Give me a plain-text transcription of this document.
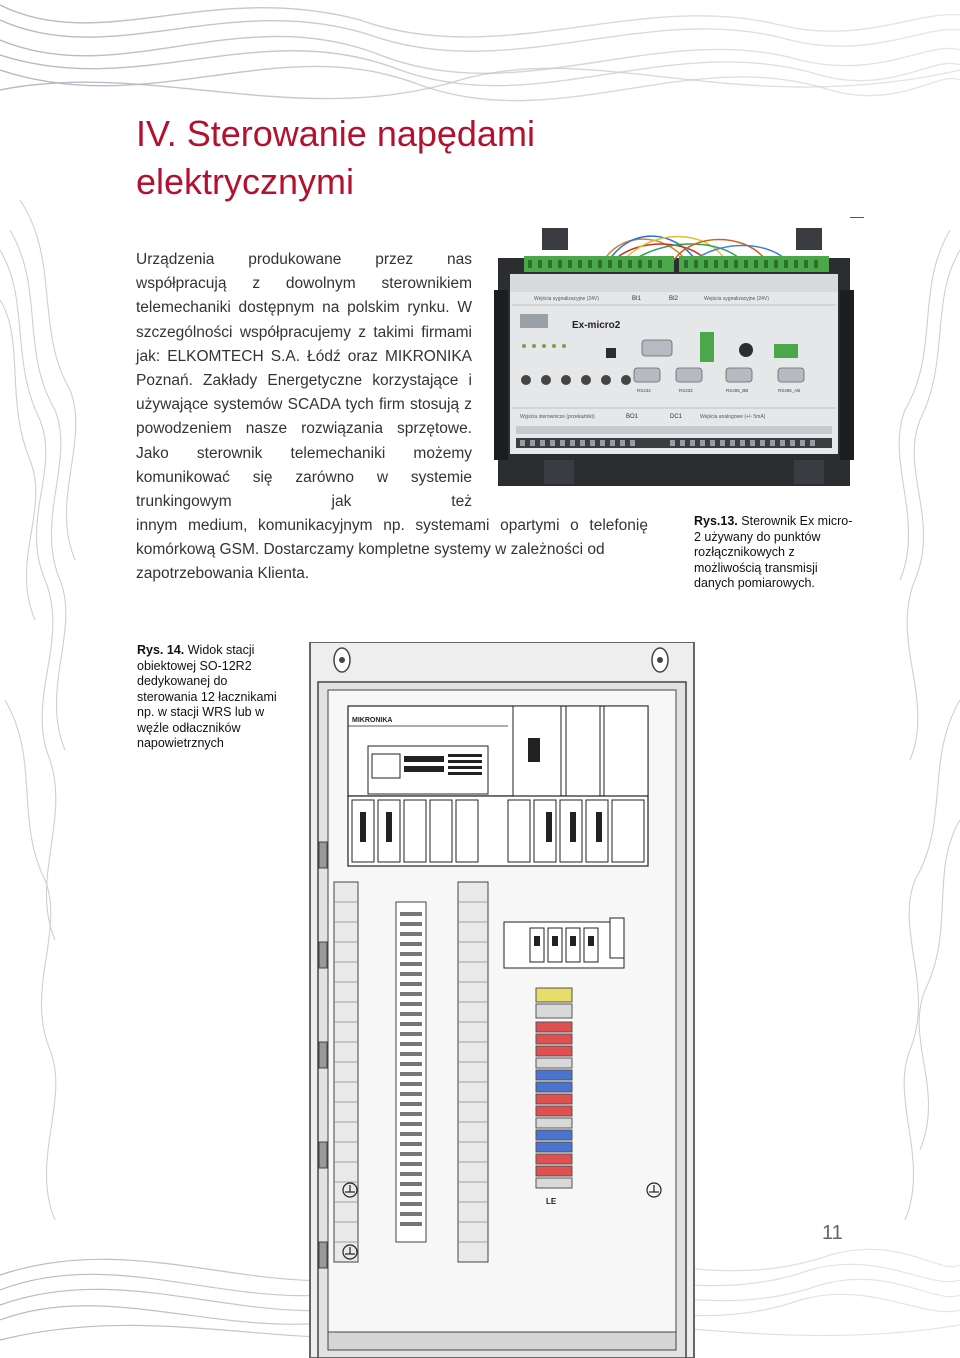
IV. Sterowanie napędami elektrycznymi

Urządzenia produkowane przez nas współpracują z dowolnym sterownikiem telemechaniki dostępnym na polskim rynku. W szczególności współpracujemy z takimi firmami jak: ELKOMTECH S.A. Łódź oraz MIKRONIKA Poznań. Zakłady Energetyczne korzystające i używające systemów SCADA tych firm stosują z powodzeniem nasze rozwiązania sprzętowe. Jako sterownik telemechaniki możemy komunikować się zarówno w systemie trunkingowym jak też

innym medium, komunikacyjnym np. systemami opartymi o telefonię komórkową GSM. Dostarczamy kompletne systemy w zależności od
zapotrzebowania Klienta.
Wejścia sygnalizacyjne (24V)	BI1	BI2	Wejścia sygnalizacyjne (24V)
Ex-micro2
RS232	RS232	RS485_BB	RS485_AB
Wyjścia sterownicze (przekaźniki)	BO1	DC1	Wejścia analogowe (+/- 5mA)
Rys.13. Sterownik Ex micro-2 używany do punktów rozłącznikowych z możliwością transmisji danych pomiarowych.
Rys. 14. Widok stacji obiektowej SO-12R2 dedykowanej do sterowania 12 łacznikami np. w stacji WRS lub w węźle odłaczników napowietrznych
MIKRONIKA
LE
11
